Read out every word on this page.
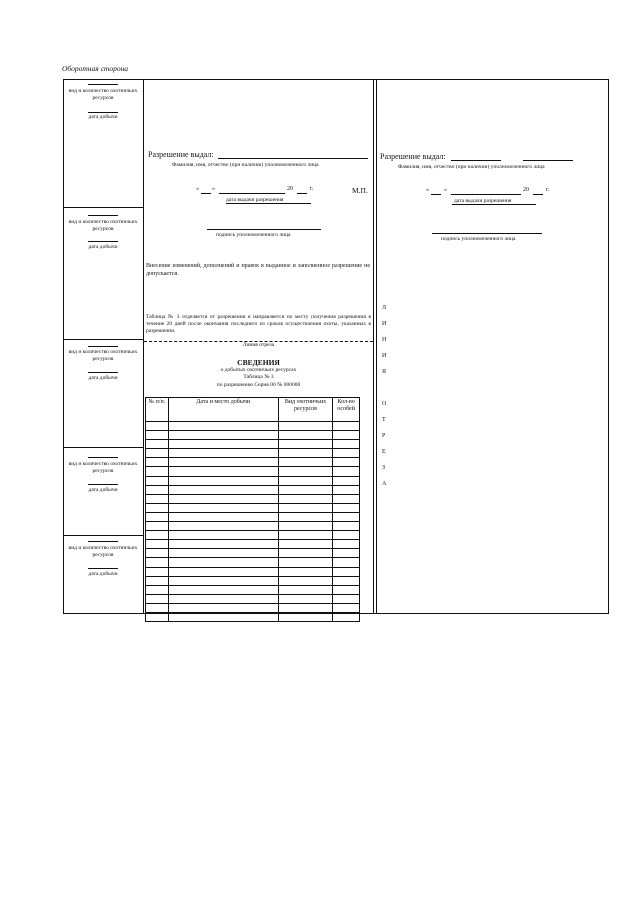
Оборотная сторона
вид и количество охотничьих ресурсов
дата добычи
вид и количество охотничьих ресурсов
дата добычи
вид и количество охотничьих ресурсов
дата добычи
вид и количество охотничьих ресурсов
дата добычи
вид и количество охотничьих ресурсов
дата добычи
Разрешение выдал:
Фамилия, имя, отчество (при наличии) уполномоченного лица
« »	20	г.	М.П.
дата выдачи разрешения
подпись уполномоченного лица
Внесение изменений, дополнений и правок в выданное и заполненное разрешение не допускается.
Таблица № 3 отделяется от разрешения и направляется по месту получения разрешения в течение 20 дней после окончания последнего из сроков осуществления охоты, указанных в разрешении.
Линия отреза
СВЕДЕНИЯ
о добытых охотничьих ресурсах
Таблица № 3
по разрешению Серия 00 № 000000
№ п/п.	Дата и место добычи	Вид охотничьих ресурсов	Кол-во особей

Разрешение выдал:
Фамилия, имя, отчество (при наличии) уполномоченного лица
«	»	20	г.
дата выдачи разрешения
подпись уполномоченного лица
Л
И
Н
И
Я
О
Т
Р
Е
З
А
